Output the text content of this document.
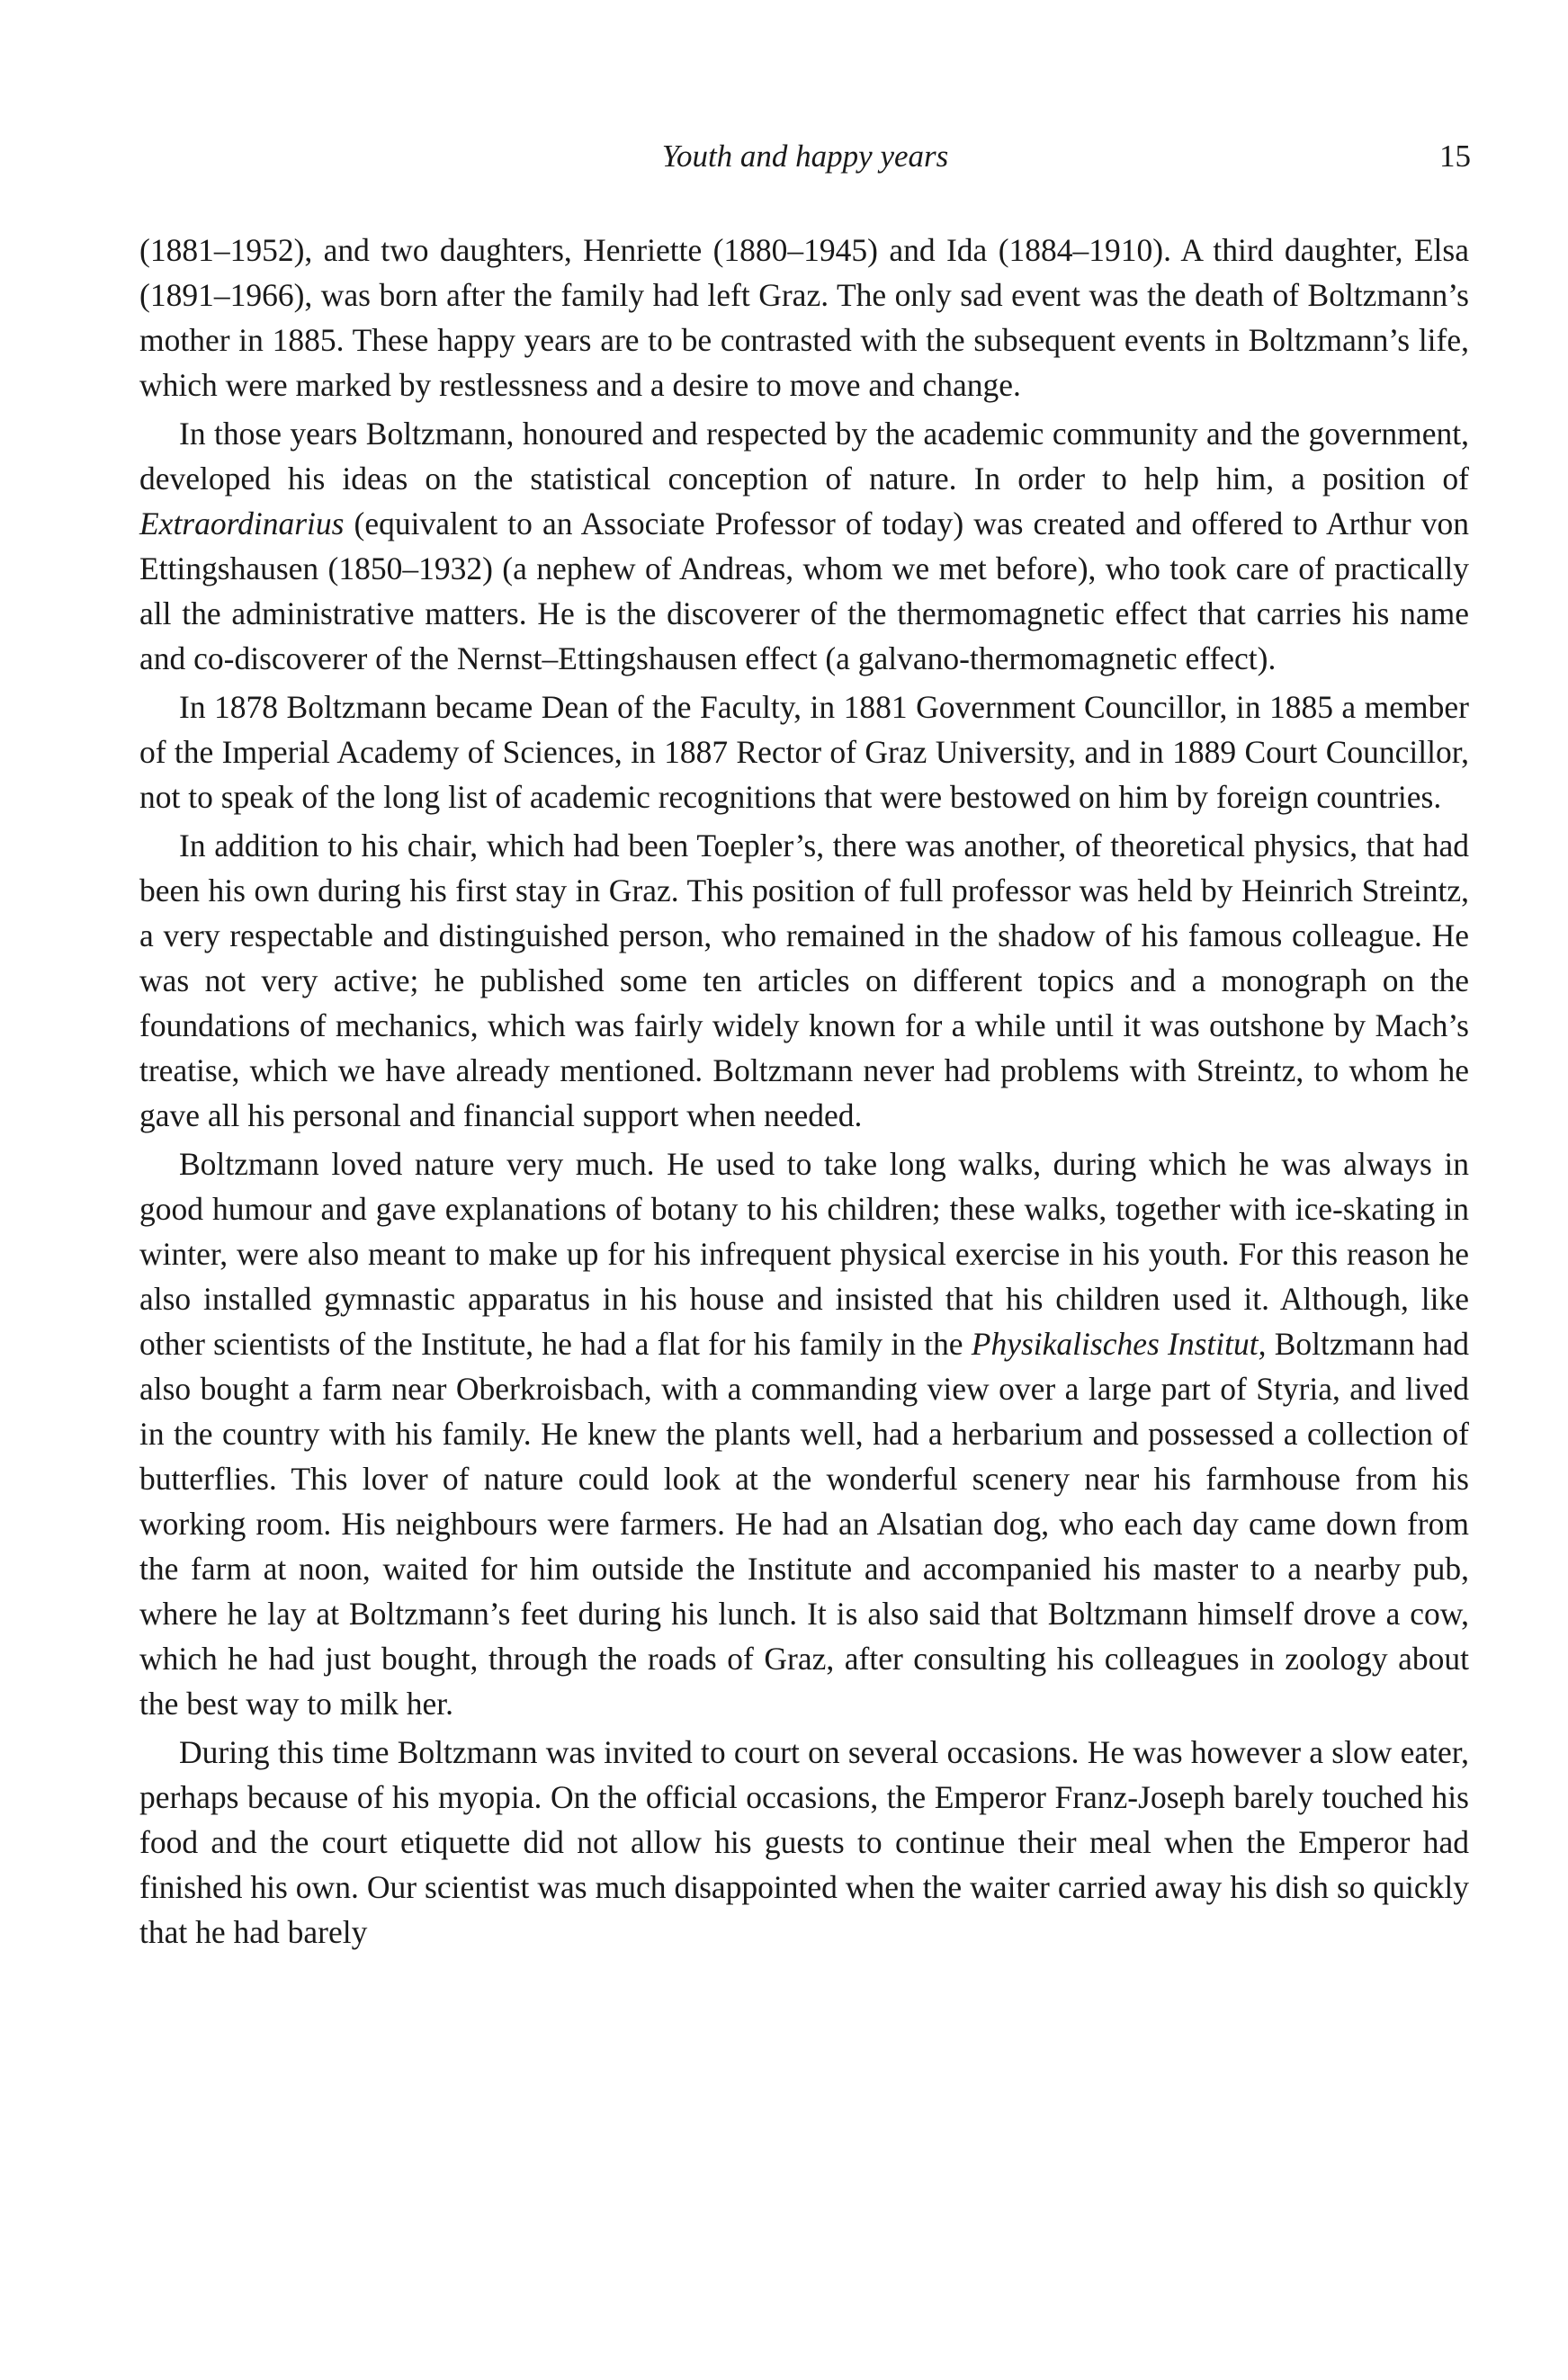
Youth and happy years	15

(1881–1952), and two daughters, Henriette (1880–1945) and Ida (1884–1910). A third daughter, Elsa (1891–1966), was born after the family had left Graz. The only sad event was the death of Boltzmann’s mother in 1885. These happy years are to be contrasted with the subsequent events in Boltzmann’s life, which were marked by restlessness and a desire to move and change.

In those years Boltzmann, honoured and respected by the academic community and the government, developed his ideas on the statistical conception of nature. In order to help him, a position of Extraordinarius (equivalent to an Associate Professor of today) was created and offered to Arthur von Ettingshausen (1850–1932) (a nephew of Andreas, whom we met before), who took care of practically all the administrative matters. He is the discoverer of the thermomagnetic effect that carries his name and co-discoverer of the Nernst–Ettingshausen effect (a galvano-thermomagnetic effect).

In 1878 Boltzmann became Dean of the Faculty, in 1881 Government Councillor, in 1885 a member of the Imperial Academy of Sciences, in 1887 Rector of Graz University, and in 1889 Court Councillor, not to speak of the long list of academic recognitions that were bestowed on him by foreign countries.

In addition to his chair, which had been Toepler’s, there was another, of theoretical physics, that had been his own during his first stay in Graz. This position of full professor was held by Heinrich Streintz, a very respectable and distinguished person, who remained in the shadow of his famous colleague. He was not very active; he published some ten articles on different topics and a monograph on the foundations of mechanics, which was fairly widely known for a while until it was outshone by Mach’s treatise, which we have already mentioned. Boltzmann never had problems with Streintz, to whom he gave all his personal and financial support when needed.

Boltzmann loved nature very much. He used to take long walks, during which he was always in good humour and gave explanations of botany to his children; these walks, together with ice-skating in winter, were also meant to make up for his infrequent physical exercise in his youth. For this reason he also installed gymnastic apparatus in his house and insisted that his children used it. Although, like other scientists of the Institute, he had a flat for his family in the Physikalisches Institut, Boltzmann had also bought a farm near Oberkroisbach, with a commanding view over a large part of Styria, and lived in the country with his family. He knew the plants well, had a herbarium and possessed a collection of butterflies. This lover of nature could look at the wonderful scenery near his farmhouse from his working room. His neighbours were farmers. He had an Alsatian dog, who each day came down from the farm at noon, waited for him outside the Institute and accompanied his master to a nearby pub, where he lay at Boltzmann’s feet during his lunch. It is also said that Boltzmann himself drove a cow, which he had just bought, through the roads of Graz, after consulting his colleagues in zoology about the best way to milk her.

During this time Boltzmann was invited to court on several occasions. He was however a slow eater, perhaps because of his myopia. On the official occasions, the Emperor Franz-Joseph barely touched his food and the court etiquette did not allow his guests to continue their meal when the Emperor had finished his own. Our scientist was much disappointed when the waiter carried away his dish so quickly that he had barely
